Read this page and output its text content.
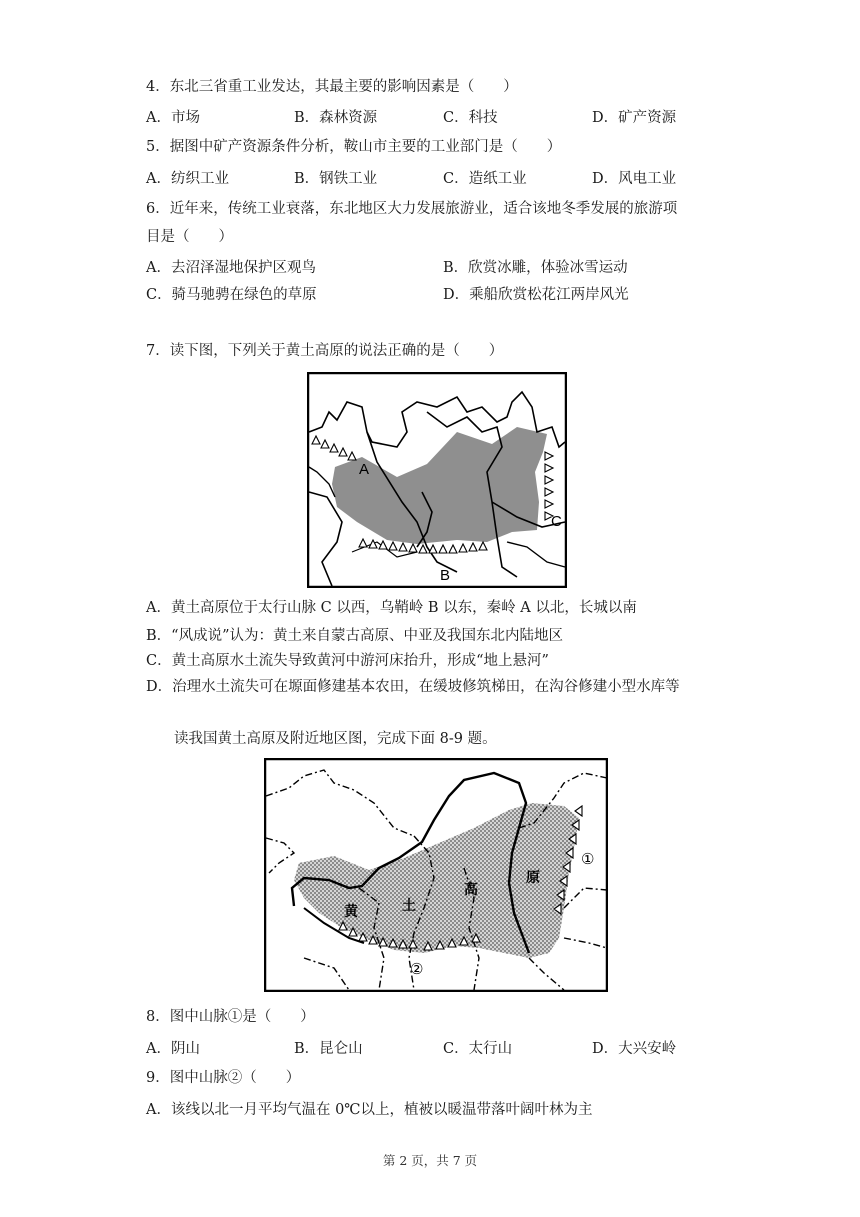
4．东北三省重工业发达，其最主要的影响因素是（　　）
A．市场	B．森林资源	C．科技	D．矿产资源
5．据图中矿产资源条件分析，鞍山市主要的工业部门是（　　）
A．纺织工业	B．钢铁工业	C．造纸工业	D．风电工业
6．近年来，传统工业衰落，东北地区大力发展旅游业，适合该地冬季发展的旅游项
目是（　　）
A．去沼泽湿地保护区观鸟	B．欣赏冰雕，体验冰雪运动
C．骑马驰骋在绿色的草原	D．乘船欣赏松花江两岸风光
7．读下图，下列关于黄土高原的说法正确的是（　　）
A
B
C
A．黄土高原位于太行山脉 C 以西，乌鞘岭 B 以东，秦岭 A 以北，长城以南
B．“风成说”认为：黄土来自蒙古高原、中亚及我国东北内陆地区
C．黄土高原水土流失导致黄河中游河床抬升，形成“地上悬河”
D．治理水土流失可在塬面修建基本农田，在缓坡修筑梯田，在沟谷修建小型水库等
读我国黄土高原及附近地区图，完成下面 8-9 题。
黄	土
高
原
①
②
8．图中山脉①是（　　）
A．阴山	B．昆仑山	C．太行山	D．大兴安岭
9．图中山脉②（　　）
A．该线以北一月平均气温在 0℃以上，植被以暖温带落叶阔叶林为主
第 2 页，共 7 页
